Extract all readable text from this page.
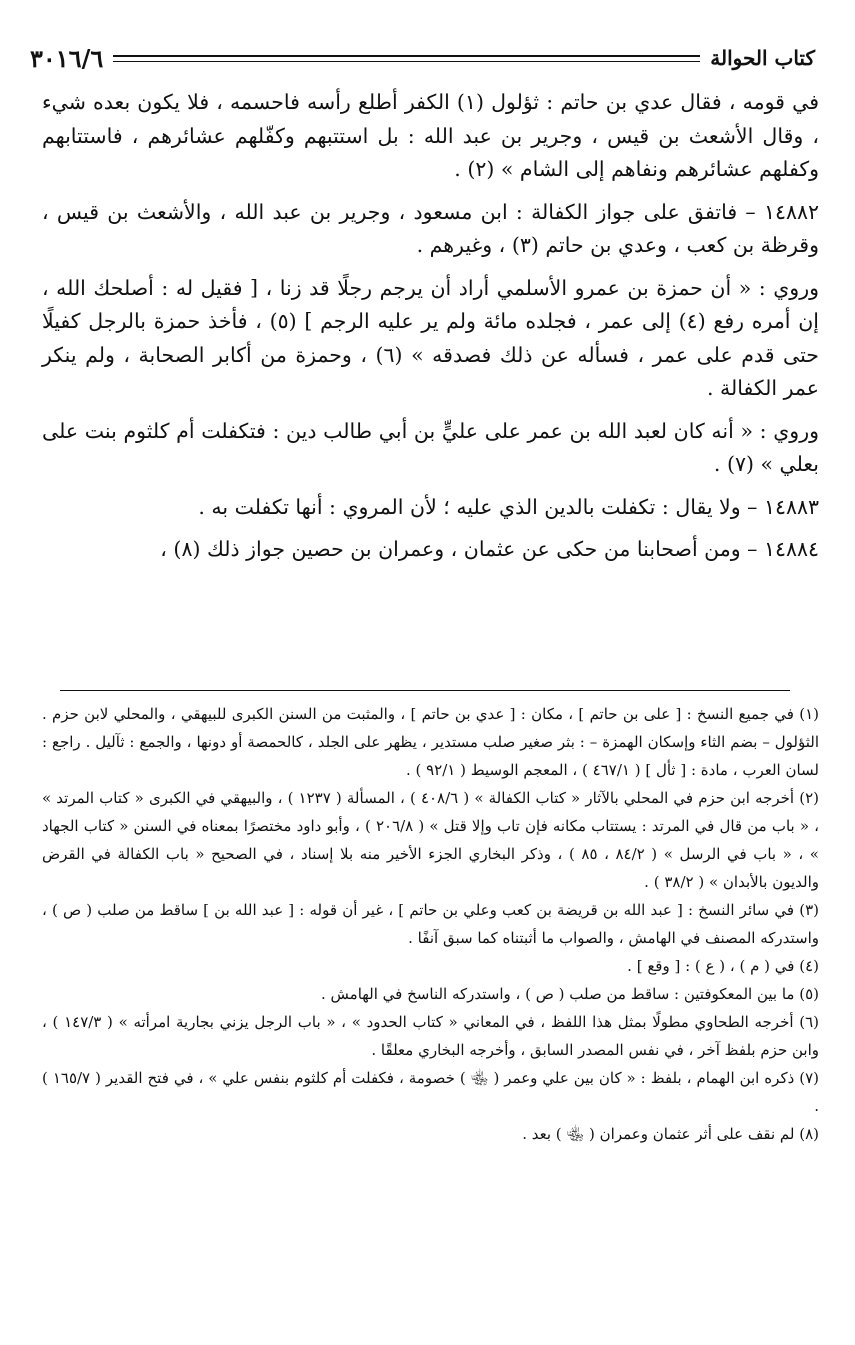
كتاب الحوالة
٣٠١٦/٦

في قومه ، فقال عدي بن حاتم : ثؤلول (١) الكفر أطلع رأسه فاحسمه ، فلا يكون بعده شيء ، وقال الأشعث بن قيس ، وجرير بن عبد الله : بل استتبهم وكفّلهم عشائرهم ، فاستتابهم وكفلهم عشائرهم ونفاهم إلى الشام » (٢) .

١٤٨٨٢ – فاتفق على جواز الكفالة : ابن مسعود ، وجرير بن عبد الله ، والأشعث بن قيس ، وقرظة بن كعب ، وعدي بن حاتم (٣) ، وغيرهم .

وروي : « أن حمزة بن عمرو الأسلمي أراد أن يرجم رجلًا قد زنا ، [ فقيل له : أصلحك الله ، إن أمره رفع (٤) إلى عمر ، فجلده مائة ولم ير عليه الرجم ] (٥) ، فأخذ حمزة بالرجل كفيلًا حتى قدم على عمر ، فسأله عن ذلك فصدقه » (٦) ، وحمزة من أكابر الصحابة ، ولم ينكر عمر الكفالة .

وروي : « أنه كان لعبد الله بن عمر على عليٍّ بن أبي طالب دين : فتكفلت أم كلثوم بنت على بعلي » (٧) .

١٤٨٨٣ – ولا يقال : تكفلت بالدين الذي عليه ؛ لأن المروي : أنها تكفلت به .

١٤٨٨٤ – ومن أصحابنا من حكى عن عثمان ، وعمران بن حصين جواز ذلك (٨) ،

(١) في جميع النسخ : [ على بن حاتم ] ، مكان : [ عدي بن حاتم ] ، والمثبت من السنن الكبرى للبيهقي ، والمحلي لابن حزم . الثؤلول – بضم الثاء وإسكان الهمزة – : بثر صغير صلب مستدير ، يظهر على الجلد ، كالحمصة أو دونها ، والجمع : ثآليل . راجع : لسان العرب ، مادة : [ ثأل ] ( ٤٦٧/١ ) ، المعجم الوسيط ( ٩٢/١ ) .

(٢) أخرجه ابن حزم في المحلي بالآثار « كتاب الكفالة » ( ٤٠٨/٦ ) ، المسألة ( ١٢٣٧ ) ، والبيهقي في الكبرى « كتاب المرتد » ، « باب من قال في المرتد : يستتاب مكانه فإن تاب وإلا قتل » ( ٢٠٦/٨ ) ، وأبو داود مختصرًا بمعناه في السنن « كتاب الجهاد » ، « باب في الرسل » ( ٨٤/٢ ، ٨٥ ) ، وذكر البخاري الجزء الأخير منه بلا إسناد ، في الصحيح « باب الكفالة في القرض والديون بالأبدان » ( ٣٨/٢ ) .

(٣) في سائر النسخ : [ عبد الله بن قريضة بن كعب وعلي بن حاتم ] ، غير أن قوله : [ عبد الله بن ] ساقط من صلب ( ص ) ، واستدركه المصنف في الهامش ، والصواب ما أثبتناه كما سبق آنفًا .

(٤) في ( م ) ، ( ع ) : [ وقع ] .

(٥) ما بين المعكوفتين : ساقط من صلب ( ص ) ، واستدركه الناسخ في الهامش .

(٦) أخرجه الطحاوي مطولًا بمثل هذا اللفظ ، في المعاني « كتاب الحدود » ، « باب الرجل يزني بجارية امرأته » ( ١٤٧/٣ ) ، وابن حزم بلفظ آخر ، في نفس المصدر السابق ، وأخرجه البخاري معلقًا .

(٧) ذكره ابن الهمام ، بلفظ : « كان بين علي وعمر ( ﵄ ) خصومة ، فكفلت أم كلثوم بنفس علي » ، في فتح القدير ( ١٦٥/٧ ) .

(٨) لم نقف على أثر عثمان وعمران ( ﵄ ) بعد .
